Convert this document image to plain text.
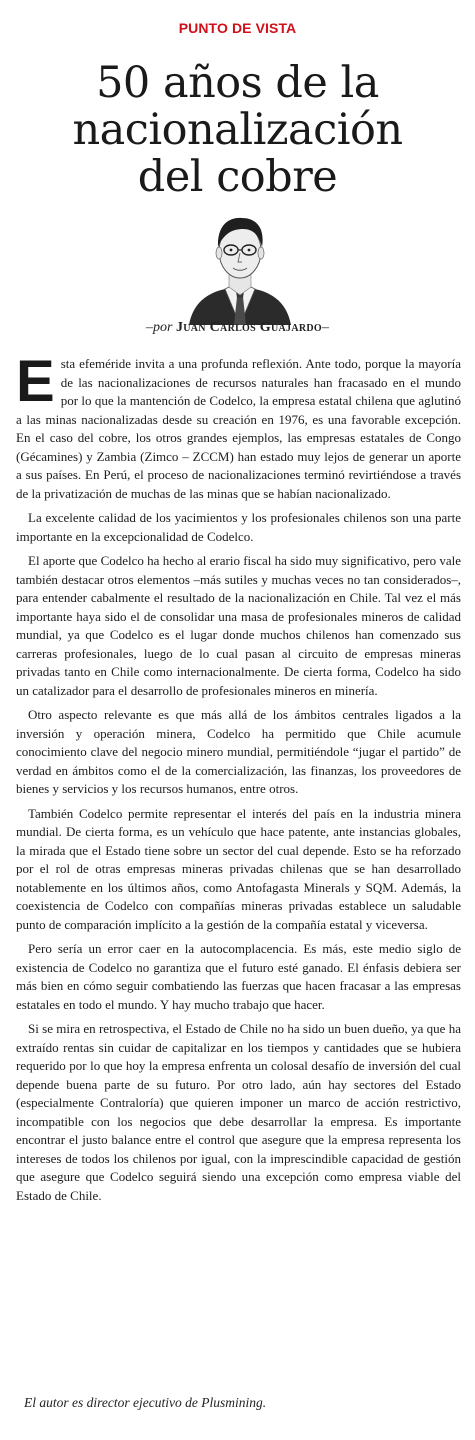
PUNTO DE VISTA
50 años de la
nacionalización
del cobre
–por Juan Carlos Guajardo–

Esta efeméride invita a una profunda reflexión. Ante todo, porque la mayoría de las nacionalizaciones de recursos naturales han fracasado en el mundo por lo que la mantención de Codelco, la empresa estatal chilena que aglutinó a las minas nacionalizadas desde su creación en 1976, es una favorable excepción. En el caso del cobre, los otros grandes ejemplos, las empresas estatales de Congo (Gécamines) y Zambia (Zimco – ZCCM) han estado muy lejos de generar un aporte a sus países. En Perú, el proceso de nacionalizaciones terminó revirtiéndose a través de la privatización de muchas de las minas que se habían nacionalizado.

La excelente calidad de los yacimientos y los profesionales chilenos son una parte importante en la excepcionalidad de Codelco.

El aporte que Codelco ha hecho al erario fiscal ha sido muy significativo, pero vale también destacar otros elementos –más sutiles y muchas veces no tan considerados–, para entender cabalmente el resultado de la nacionalización en Chile. Tal vez el más importante haya sido el de consolidar una masa de profesionales mineros de calidad mundial, ya que Codelco es el lugar donde muchos chilenos han comenzado sus carreras profesionales, luego de lo cual pasan al circuito de empresas mineras privadas tanto en Chile como internacionalmente. De cierta forma, Codelco ha sido un catalizador para el desarrollo de profesionales mineros en minería.

Otro aspecto relevante es que más allá de los ámbitos centrales ligados a la inversión y operación minera, Codelco ha permitido que Chile acumule conocimiento clave del negocio minero mundial, permitiéndole “jugar el partido” de verdad en ámbitos como el de la comercialización, las finanzas, los proveedores de bienes y servicios y los recursos humanos, entre otros.

También Codelco permite representar el interés del país en la industria minera mundial. De cierta forma, es un vehículo que hace patente, ante instancias globales, la mirada que el Estado tiene sobre un sector del cual depende. Esto se ha reforzado por el rol de otras empresas mineras privadas chilenas que se han desarrollado notablemente en los últimos años, como Antofagasta Minerals y SQM. Además, la coexistencia de Codelco con compañías mineras privadas establece un saludable punto de comparación implícito a la gestión de la compañía estatal y viceversa.

Pero sería un error caer en la autocomplacencia. Es más, este medio siglo de existencia de Codelco no garantiza que el futuro esté ganado. El énfasis debiera ser más bien en cómo seguir combatiendo las fuerzas que hacen fracasar a las empresas estatales en todo el mundo. Y hay mucho trabajo que hacer.

Si se mira en retrospectiva, el Estado de Chile no ha sido un buen dueño, ya que ha extraído rentas sin cuidar de capitalizar en los tiempos y cantidades que se hubiera requerido por lo que hoy la empresa enfrenta un colosal desafío de inversión del cual depende buena parte de su futuro. Por otro lado, aún hay sectores del Estado (especialmente Contraloría) que quieren imponer un marco de acción restrictivo, incompatible con los negocios que debe desarrollar la empresa. Es importante encontrar el justo balance entre el control que asegure que la empresa representa los intereses de todos los chilenos por igual, con la imprescindible capacidad de gestión que asegure que Codelco seguirá siendo una excepción como empresa viable del Estado de Chile.

El autor es director ejecutivo de Plusmining.
